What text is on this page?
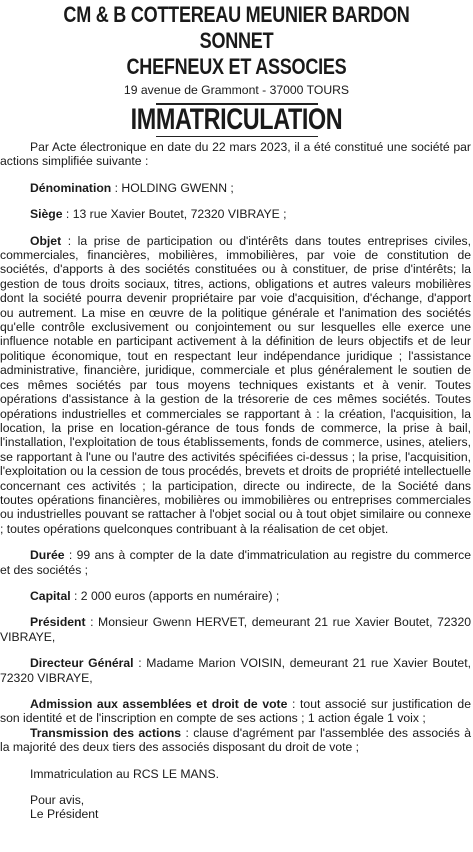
CM & B COTTEREAU MEUNIER BARDON SONNET
CHEFNEUX ET ASSOCIES
19 avenue de Grammont - 37000 TOURS
IMMATRICULATION

Par Acte électronique en date du 22 mars 2023, il a été constitué une société par actions simplifiée suivante :

Dénomination : HOLDING GWENN ;

Siège : 13 rue Xavier Boutet, 72320 VIBRAYE ;

Objet : la prise de participation ou d'intérêts dans toutes entreprises civiles, commerciales, financières, mobilières, immobilières, par voie de constitution de sociétés, d'apports à des sociétés constituées ou à constituer, de prise d'intérêts; la gestion de tous droits sociaux, titres, actions, obligations et autres valeurs mobilières dont la société pourra devenir propriétaire par voie d'acquisition, d'échange, d'apport ou autrement. La mise en œuvre de la politique générale et l'animation des sociétés qu'elle contrôle exclusivement ou conjointement ou sur lesquelles elle exerce une influence notable en participant activement à la définition de leurs objectifs et de leur politique économique, tout en respectant leur indépendance juridique ; l'assistance administrative, financière, juridique, commerciale et plus généralement le soutien de ces mêmes sociétés par tous moyens techniques existants et à venir. Toutes opérations d'assistance à la gestion de la trésorerie de ces mêmes sociétés. Toutes opérations industrielles et commerciales se rapportant à : la création, l'acquisition, la location, la prise en location-gérance de tous fonds de commerce, la prise à bail, l'installation, l'exploitation de tous établissements, fonds de commerce, usines, ateliers, se rapportant à l'une ou l'autre des activités spécifiées ci-dessus ; la prise, l'acquisition, l'exploitation ou la cession de tous procédés, brevets et droits de propriété intellectuelle concernant ces activités ; la participation, directe ou indirecte, de la Société dans toutes opérations financières, mobilières ou immobilières ou entreprises commerciales ou industrielles pouvant se rattacher à l'objet social ou à tout objet similaire ou connexe ; toutes opérations quelconques contribuant à la réalisation de cet objet.

Durée : 99 ans à compter de la date d'immatriculation au registre du commerce et des sociétés ;

Capital : 2 000 euros (apports en numéraire) ;

Président : Monsieur Gwenn HERVET, demeurant 21 rue Xavier Boutet, 72320 VIBRAYE,

Directeur Général : Madame Marion VOISIN, demeurant 21 rue Xavier Boutet, 72320 VIBRAYE,

Admission aux assemblées et droit de vote : tout associé sur justification de son identité et de l'inscription en compte de ses actions ; 1 action égale 1 voix ;

Transmission des actions : clause d'agrément par l'assemblée des associés à la majorité des deux tiers des associés disposant du droit de vote ;

Immatriculation au RCS LE MANS.

Pour avis,

Le Président
